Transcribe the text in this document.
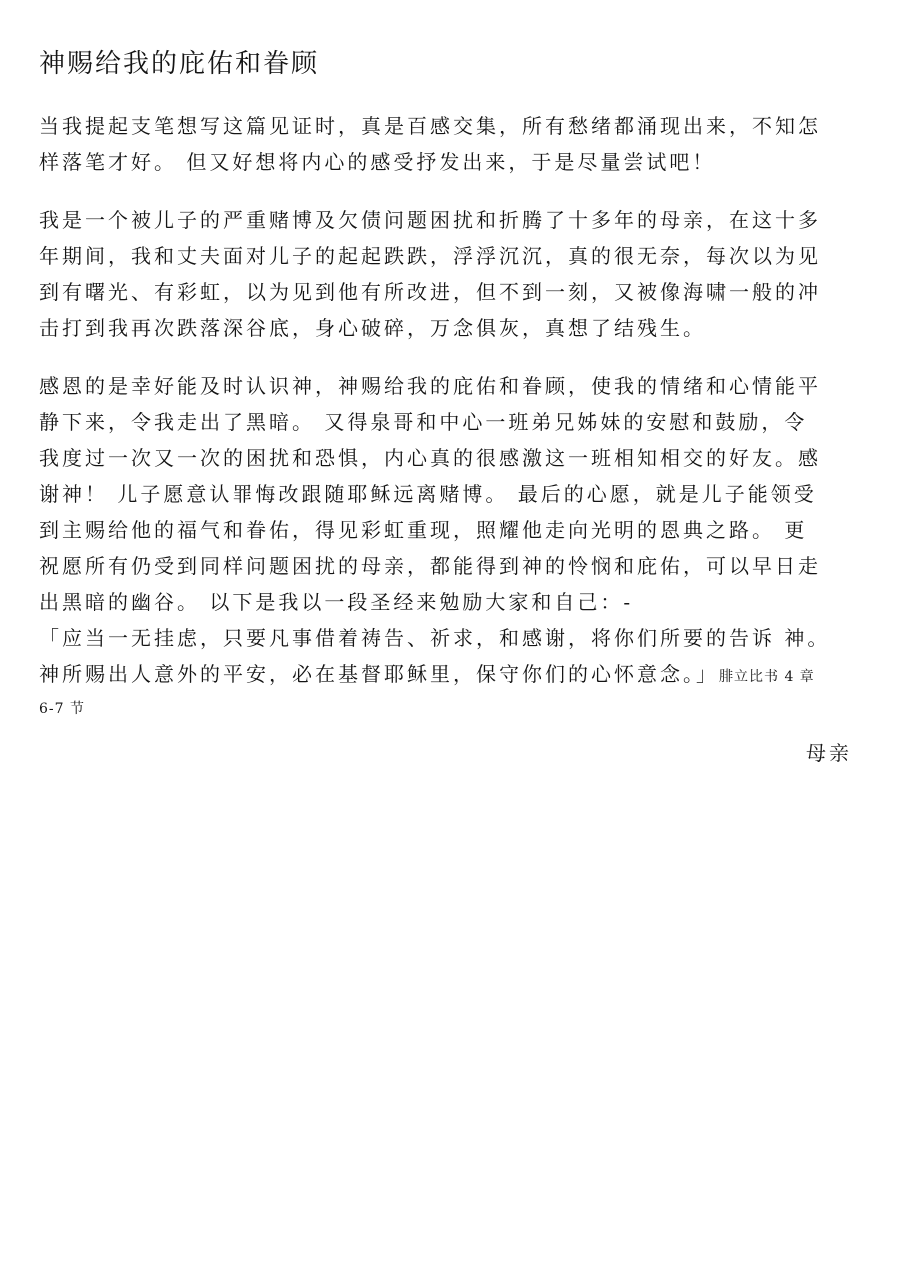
神赐给我的庇佑和眷顾

当我提起支笔想写这篇见证时，真是百感交集，所有愁绪都涌现出来，不知怎
样落笔才好。 但又好想将内心的感受抒发出来，于是尽量尝试吧！

我是一个被儿子的严重赌博及欠债问题困扰和折腾了十多年的母亲，在这十多
年期间，我和丈夫面对儿子的起起跌跌，浮浮沉沉，真的很无奈，每次以为见
到有曙光、有彩虹，以为见到他有所改进，但不到一刻，又被像海啸一般的冲
击打到我再次跌落深谷底，身心破碎，万念俱灰，真想了结残生。

感恩的是幸好能及时认识神，神赐给我的庇佑和眷顾，使我的情绪和心情能平
静下来，令我走出了黑暗。 又得泉哥和中心一班弟兄姊妹的安慰和鼓励，令
我度过一次又一次的困扰和恐惧，内心真的很感激这一班相知相交的好友。感
谢神！ 儿子愿意认罪悔改跟随耶稣远离赌博。 最后的心愿，就是儿子能领受
到主赐给他的福气和眷佑，得见彩虹重现，照耀他走向光明的恩典之路。 更
祝愿所有仍受到同样问题困扰的母亲，都能得到神的怜悯和庇佑，可以早日走
出黑暗的幽谷。 以下是我以一段圣经来勉励大家和自己：-
「应当一无挂虑，只要凡事借着祷告、祈求，和感谢，将你们所要的告诉 神。
神所赐出人意外的平安，必在基督耶稣里，保守你们的心怀意念。」腓立比书 4 章
6-7 节

母亲
